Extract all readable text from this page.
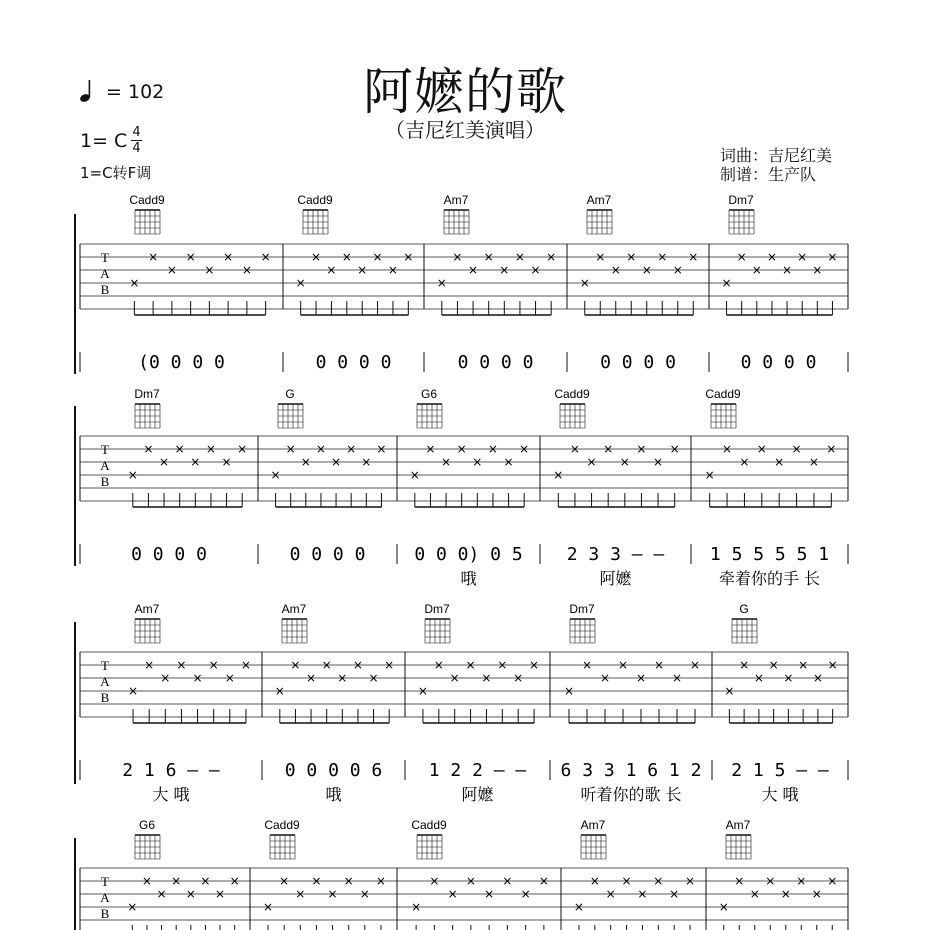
阿嬷的歌
（吉尼红美演唱）
= 102
1= C 4
4
1=C转F调
词曲：吉尼红美
制谱：生产队
T
A
B
Cadd9
×
×
×
×
×
×
×
×
(0 0 0 0
Cadd9
×
×
×
×
×
×
×
×
0 0 0 0
Am7
×
×
×
×
×
×
×
×
0 0 0 0
Am7
×
×
×
×
×
×
×
×
0 0 0 0
Dm7
×
×
×
×
×
×
×
×
0 0 0 0
T
A
B
Dm7
×
×
×
×
×
×
×
×
0 0 0 0
G
×
×
×
×
×
×
×
×
0 0 0 0
G6
×
×
×
×
×
×
×
×
0 0 0) 0 5
哦
Cadd9
×
×
×
×
×
×
×
×
2 3 3 – –
阿嬷
Cadd9
×
×
×
×
×
×
×
×
1 5 5 5 5 1
牵着你的手 长
T
A
B
Am7
×
×
×
×
×
×
×
×
2 1 6 – –
大 哦
Am7
×
×
×
×
×
×
×
×
0 0 0 0 6
哦
Dm7
×
×
×
×
×
×
×
×
1 2 2 – –
阿嬷
Dm7
×
×
×
×
×
×
×
×
6 3 3 1 6 1 2
听着你的歌 长
G
×
×
×
×
×
×
×
×
2 1 5 – –
大 哦
T
A
B
G6
×
×
×
×
×
×
×
×
Cadd9
×
×
×
×
×
×
×
×
Cadd9
×
×
×
×
×
×
×
×
Am7
×
×
×
×
×
×
×
×
Am7
×
×
×
×
×
×
×
×
